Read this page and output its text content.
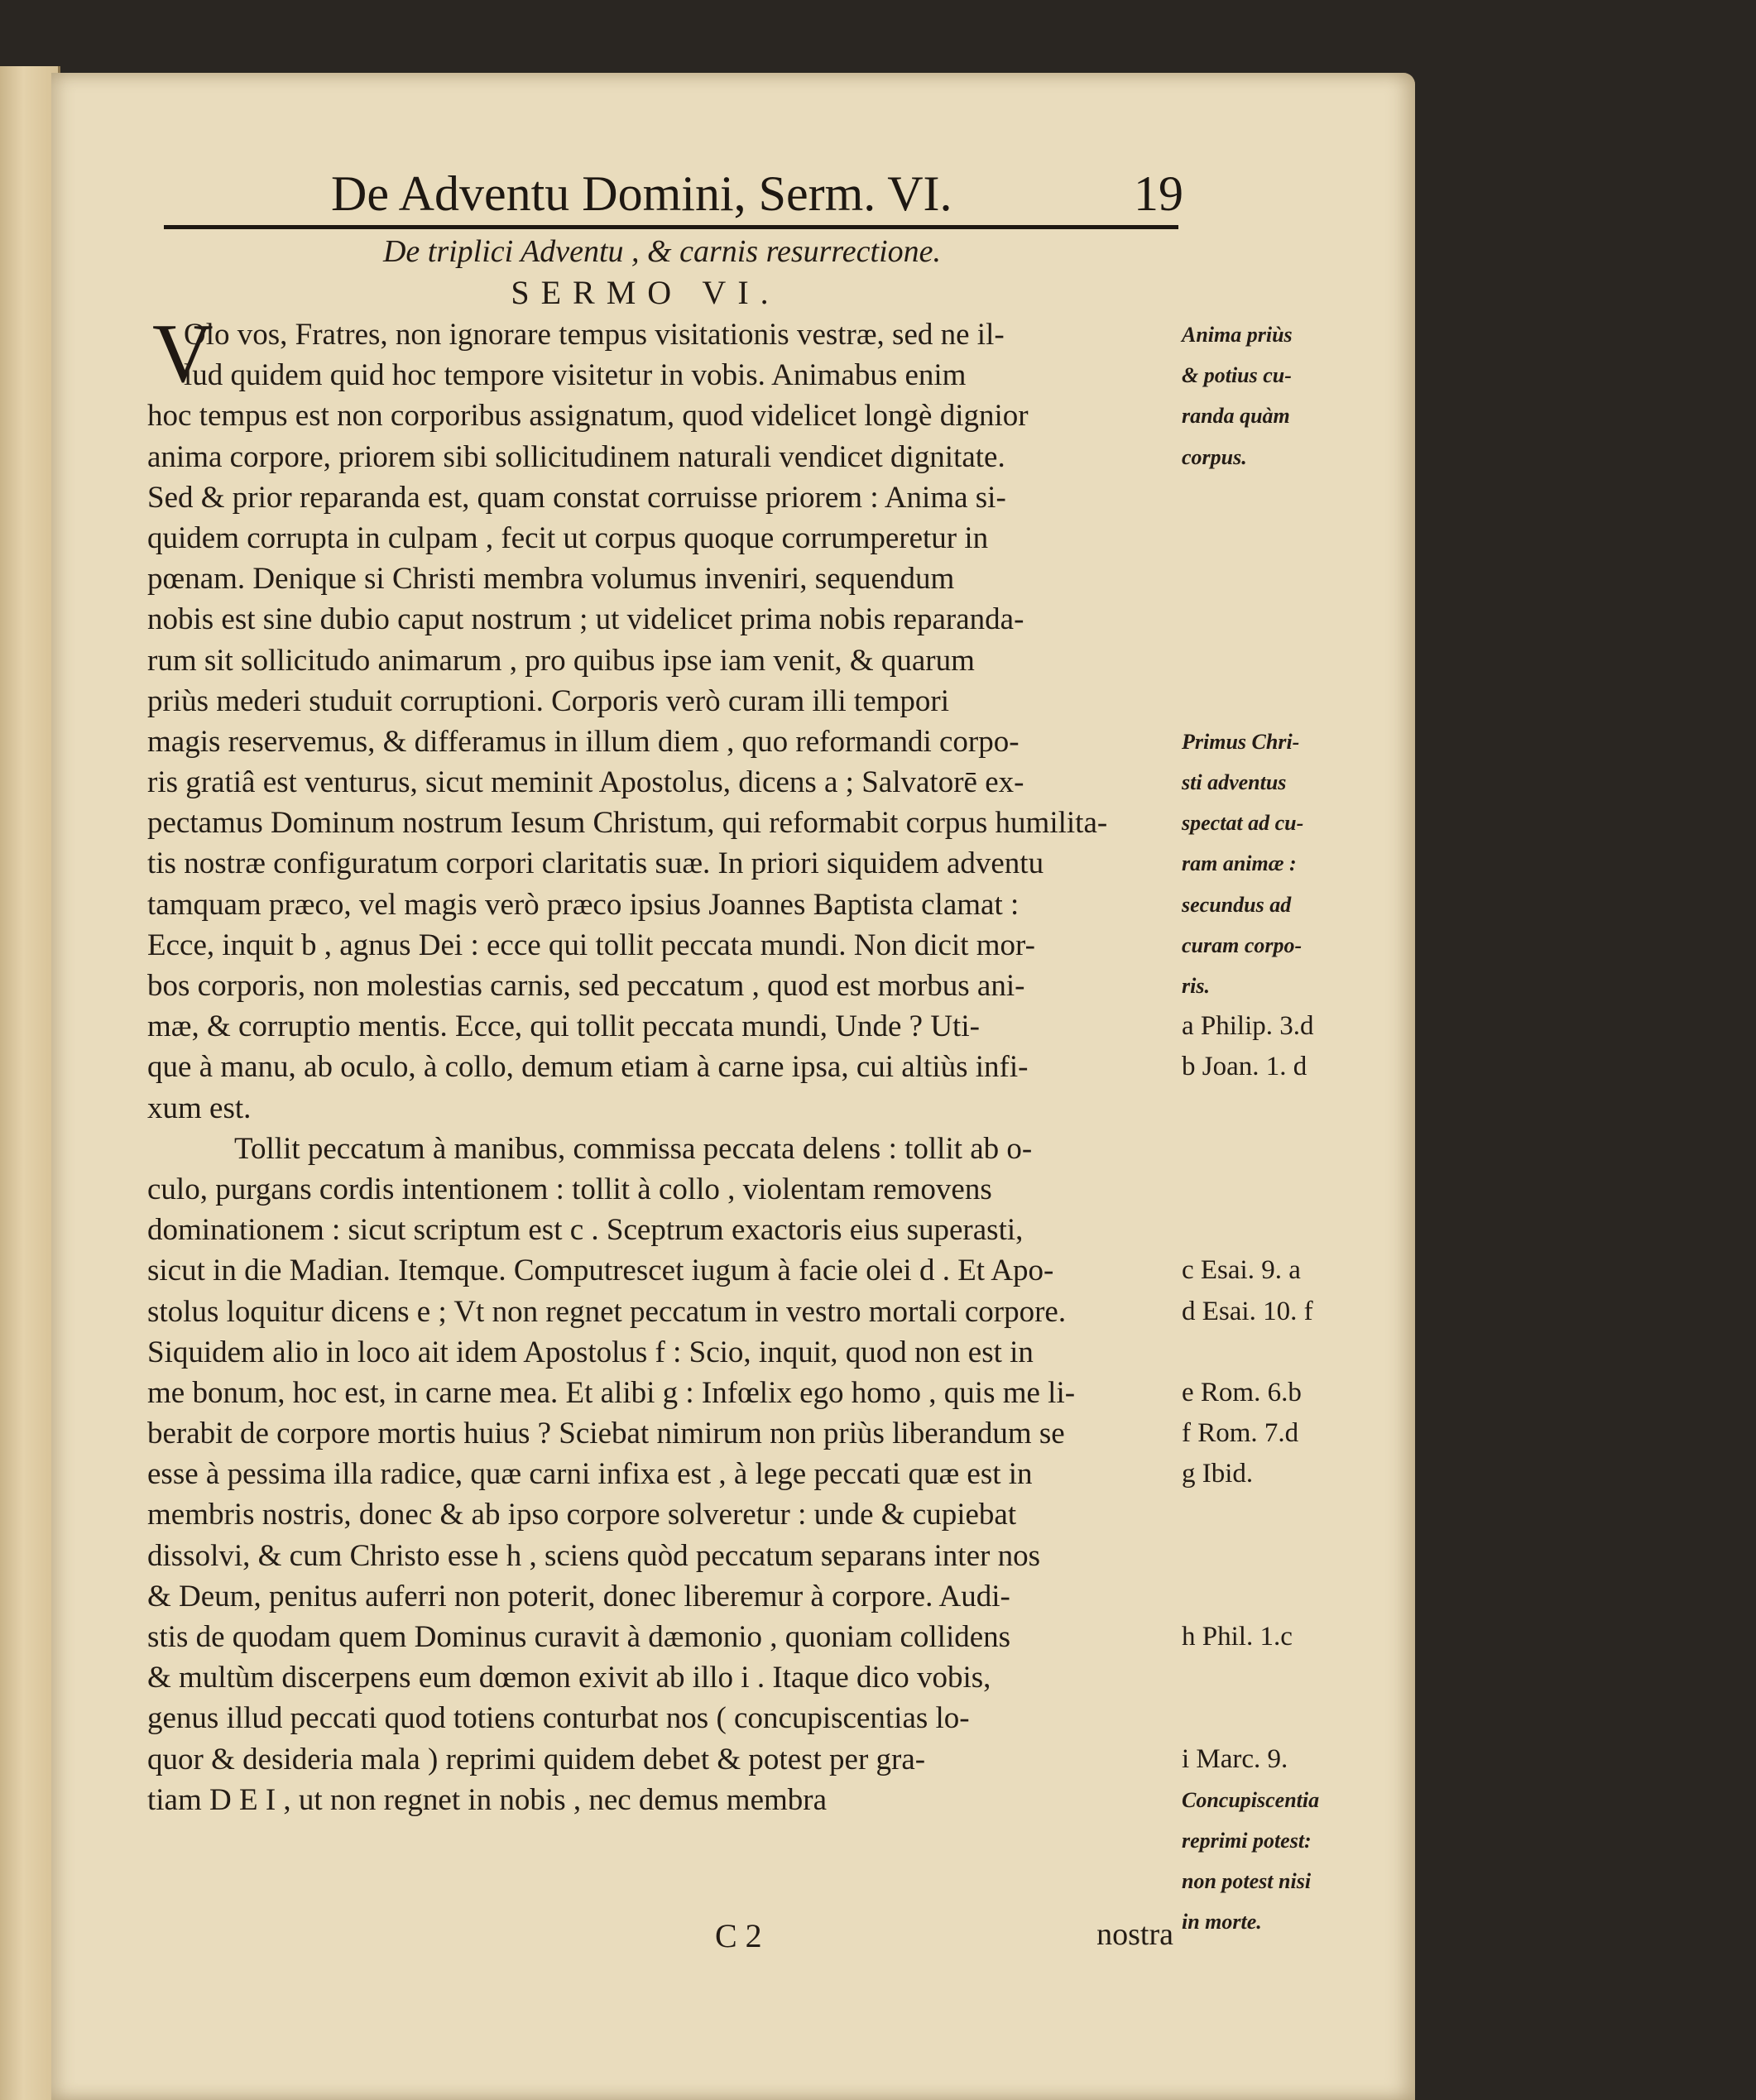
De Adventu Domini, Serm. VI.	19
De triplici Adventu , & carnis resurrectione.
SERMO VI.
V
Olo vos, Fratres, non ignorare tempus visitationis vestræ, sed ne il-
lud quidem quid hoc tempore visitetur in vobis. Animabus enim
hoc tempus est non corporibus assignatum, quod videlicet longè dignior
anima corpore, priorem sibi sollicitudinem naturali vendicet dignitate.
Sed & prior reparanda est, quam constat corruisse priorem : Anima si-
quidem corrupta in culpam , fecit ut corpus quoque corrumperetur in
pœnam. Denique si Christi membra volumus inveniri, sequendum
nobis est sine dubio caput nostrum ; ut videlicet prima nobis reparanda-
rum sit sollicitudo animarum , pro quibus ipse iam venit, & quarum
priùs mederi studuit corruptioni. Corporis verò curam illi tempori
magis reservemus, & differamus in illum diem , quo reformandi corpo-
ris gratiâ est venturus, sicut meminit Apostolus, dicens a ; Salvatorē ex-
pectamus Dominum nostrum Iesum Christum, qui reformabit corpus humilita-
tis nostræ configuratum corpori claritatis suæ. In priori siquidem adventu
tamquam præco, vel magis verò præco ipsius Joannes Baptista clamat :
Ecce, inquit b , agnus Dei : ecce qui tollit peccata mundi. Non dicit mor-
bos corporis, non molestias carnis, sed peccatum , quod est morbus ani-
mæ, & corruptio mentis. Ecce, qui tollit peccata mundi, Unde ? Uti-
que à manu, ab oculo, à collo, demum etiam à carne ipsa, cui altiùs infi-
xum est.
Tollit peccatum à manibus, commissa peccata delens : tollit ab o-
culo, purgans cordis intentionem : tollit à collo , violentam removens
dominationem : sicut scriptum est c . Sceptrum exactoris eius superasti,
sicut in die Madian. Itemque. Computrescet iugum à facie olei d . Et Apo-
stolus loquitur dicens e ; Vt non regnet peccatum in vestro mortali corpore.
Siquidem alio in loco ait idem Apostolus f : Scio, inquit, quod non est in
me bonum, hoc est, in carne mea. Et alibi g : Infœlix ego homo , quis me li-
berabit de corpore mortis huius ? Sciebat nimirum non priùs liberandum se
esse à pessima illa radice, quæ carni infixa est , à lege peccati quæ est in
membris nostris, donec & ab ipso corpore solveretur : unde & cupiebat
dissolvi, & cum Christo esse h , sciens quòd peccatum separans inter nos
& Deum, penitus auferri non poterit, donec liberemur à corpore. Audi-
stis de quodam quem Dominus curavit à dæmonio , quoniam collidens
& multùm discerpens eum dœmon exivit ab illo i . Itaque dico vobis,
genus illud peccati quod totiens conturbat nos ( concupiscentias lo-
quor & desideria mala ) reprimi quidem debet & potest per gra-
tiam D E I , ut non regnet in nobis , nec demus membra
Anima priùs
& potius cu-
randa quàm
corpus.
Primus Chri-
sti adventus
spectat ad cu-
ram animæ :
secundus ad
curam corpo-
ris.
a Philip. 3.d
b Joan. 1. d
c Esai. 9. a
d Esai. 10. f
e Rom. 6.b
f Rom. 7.d
g Ibid.
h Phil. 1.c
i Marc. 9.
Concupiscentia
reprimi potest:
non potest nisi
in morte.
C 2	nostra
